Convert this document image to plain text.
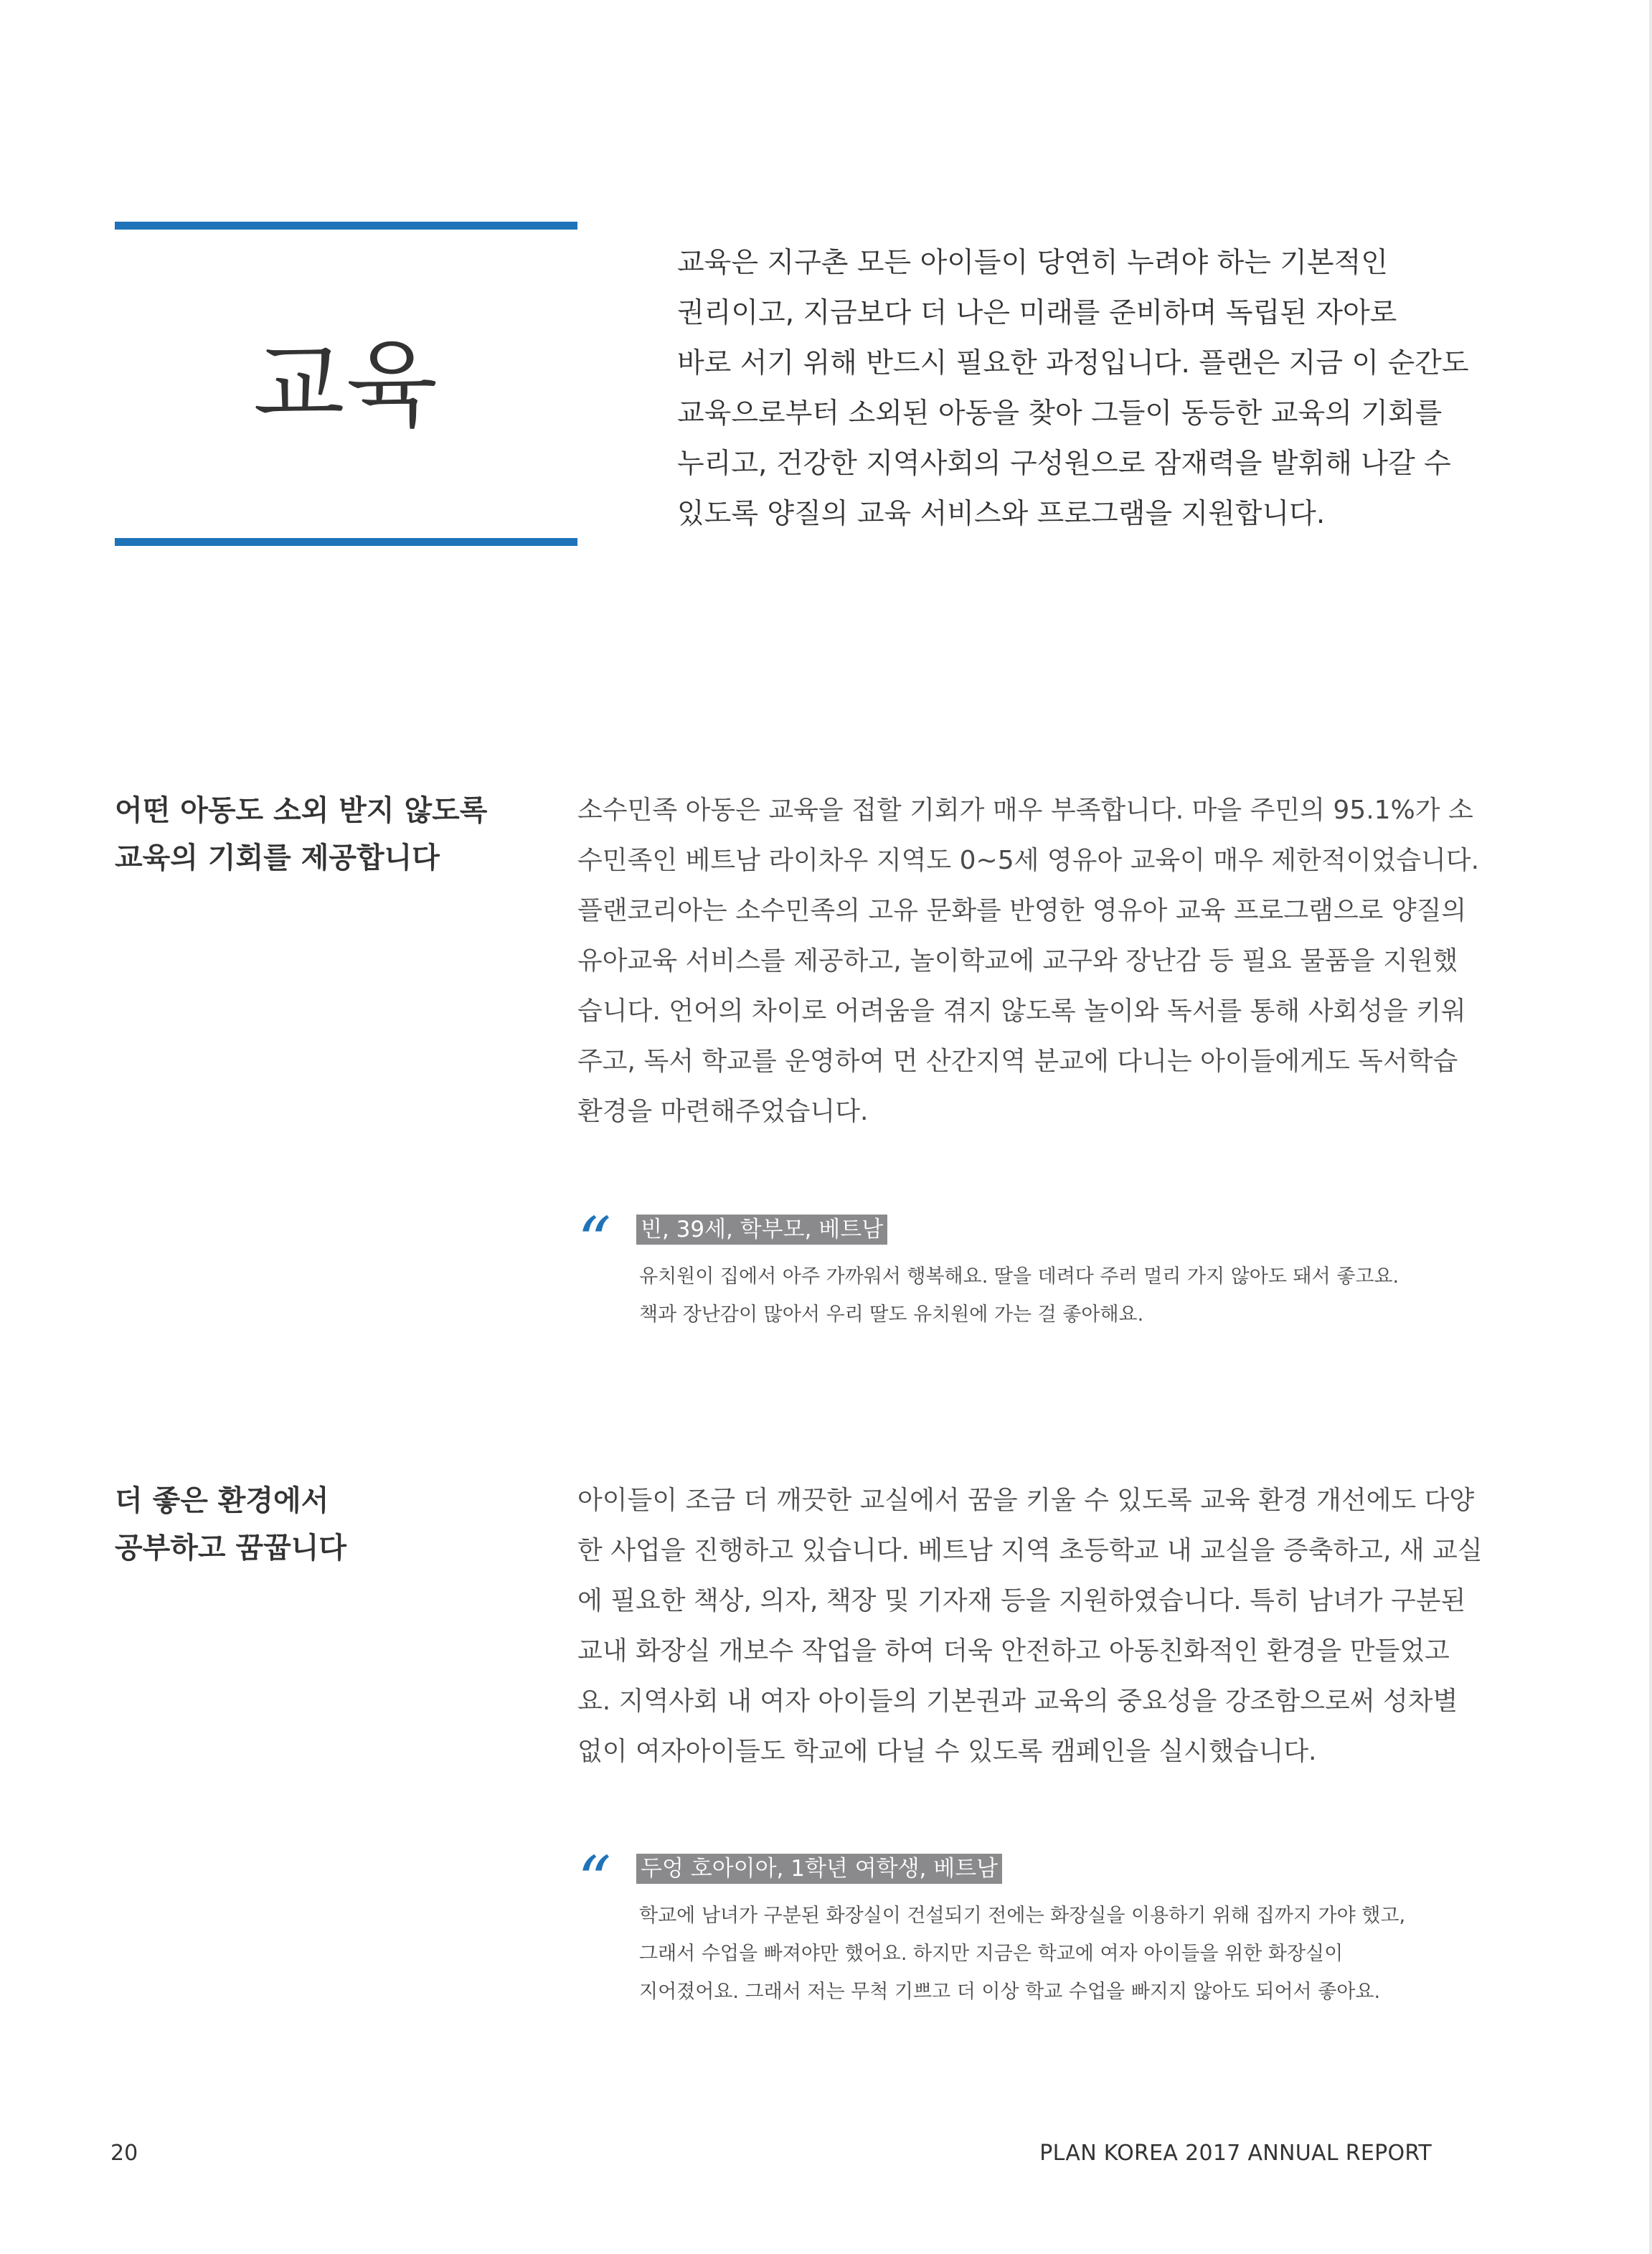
교육
교육은 지구촌 모든 아이들이 당연히 누려야 하는 기본적인
권리이고, 지금보다 더 나은 미래를 준비하며 독립된 자아로
바로 서기 위해 반드시 필요한 과정입니다. 플랜은 지금 이 순간도
교육으로부터 소외된 아동을 찾아 그들이 동등한 교육의 기회를
누리고, 건강한 지역사회의 구성원으로 잠재력을 발휘해 나갈 수
있도록 양질의 교육 서비스와 프로그램을 지원합니다.
어떤 아동도 소외 받지 않도록
교육의 기회를 제공합니다
소수민족 아동은 교육을 접할 기회가 매우 부족합니다. 마을 주민의 95.1%가 소
수민족인 베트남 라이차우 지역도 0~5세 영유아 교육이 매우 제한적이었습니다.
플랜코리아는 소수민족의 고유 문화를 반영한 영유아 교육 프로그램으로 양질의
유아교육 서비스를 제공하고, 놀이학교에 교구와 장난감 등 필요 물품을 지원했
습니다. 언어의 차이로 어려움을 겪지 않도록 놀이와 독서를 통해 사회성을 키워
주고, 독서 학교를 운영하여 먼 산간지역 분교에 다니는 아이들에게도 독서학습
환경을 마련해주었습니다.
“ 빈, 39세, 학부모, 베트남
유치원이 집에서 아주 가까워서 행복해요. 딸을 데려다 주러 멀리 가지 않아도 돼서 좋고요.
책과 장난감이 많아서 우리 딸도 유치원에 가는 걸 좋아해요.
더 좋은 환경에서
공부하고 꿈꿉니다
아이들이 조금 더 깨끗한 교실에서 꿈을 키울 수 있도록 교육 환경 개선에도 다양
한 사업을 진행하고 있습니다. 베트남 지역 초등학교 내 교실을 증축하고, 새 교실
에 필요한 책상, 의자, 책장 및 기자재 등을 지원하였습니다. 특히 남녀가 구분된
교내 화장실 개보수 작업을 하여 더욱 안전하고 아동친화적인 환경을 만들었고
요. 지역사회 내 여자 아이들의 기본권과 교육의 중요성을 강조함으로써 성차별
없이 여자아이들도 학교에 다닐 수 있도록 캠페인을 실시했습니다.
“ 두엉 호아이아, 1학년 여학생, 베트남
학교에 남녀가 구분된 화장실이 건설되기 전에는 화장실을 이용하기 위해 집까지 가야 했고,
그래서 수업을 빠져야만 했어요. 하지만 지금은 학교에 여자 아이들을 위한 화장실이
지어졌어요. 그래서 저는 무척 기쁘고 더 이상 학교 수업을 빠지지 않아도 되어서 좋아요.
20	PLAN KOREA 2017 ANNUAL REPORT
